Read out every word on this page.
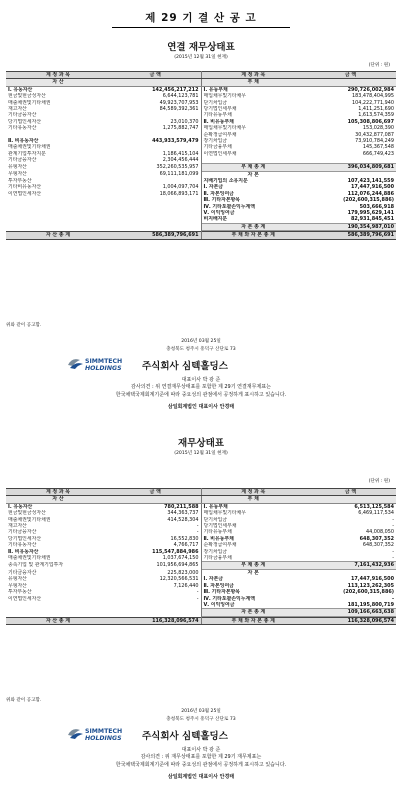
제 29 기 결 산 공 고
연결 재무상태표
(2015년 12월 31일 현재)
(단위 : 원)
계 정 과 목	금 액	계 정 과 목	금 액
자 산		부 채	
Ⅰ. 유동자산	142,456,217,212	Ⅰ. 유동부채	290,726,002,984
현금및현금성자산	6,644,123,781	매입채무및기타채무	183,478,404,995
매출채권및기타채권	49,923,707,953	단기차입금	104,222,771,940
재고자산	84,589,392,361	당기법인세부채	1,411,251,690
기타금융자산		기타유동부채	1,613,574,359
당기법인세자산	23,010,370	Ⅱ. 비유동부채	105,308,806,697
기타유동자산	1,275,882,747	매입채무및기타채무	153,028,390
		순확정급여부채	30,432,877,087
Ⅱ. 비유동자산	443,933,579,479	장기차입금	73,910,784,249
매출채권및기타채권		기타금융부채	145,367,548
관계기업투자지분	1,186,415,104	이연법인세부채	666,749,423
기타금융자산	2,304,456,444		
유형자산	352,260,535,957	부 채 총 계	396,034,809,681
무형자산	69,111,181,099	자 본	
투자부동산		지배기업의 소유지분	107,423,141,559
기타비유동자산	1,004,097,704	Ⅰ. 자본금	17,447,916,500
이연법인세자산	18,066,893,171	Ⅱ. 자본잉여금	112,076,244,886
		Ⅲ. 기타자본항목	(202,600,315,886)
		Ⅳ. 기타포괄손익누계액	503,666,918
		Ⅴ. 이익잉여금	179,995,629,141
		비지배지분	82,931,845,451
		자 본 총 계	190,354,987,010

자 산 총 계	586,389,796,691	부 채 와 자 본 총 계	586,389,796,691
재무상태표
(2015년 12월 31일 현재)
(단위 : 원)
계 정 과 목	금 액	계 정 과 목	금 액
자 산		부 채	
Ⅰ. 유동자산	780,211,588	Ⅰ. 유동부채	6,513,125,584
현금및현금성자산	344,363,737	매입채무및기타채무	6,469,117,534
매출채권및기타채권	414,528,304	단기차입금	-
재고자산	-	당기법인세부채	-
기타금융자산	-	기타유동부채	44,008,050
당기법인세자산	16,552,830	Ⅱ. 비유동부채	648,307,352
기타유동자산	4,766,717	순확정급여부채	648,307,352
Ⅱ. 비유동자산	115,547,884,986	장기차입금	-
매출채권및기타채권	1,037,674,150	기타금융부채	-
종속기업 및 관계기업투자	101,956,694,865	부 채 총 계	7,161,432,936
기타금융자산	225,823,000	자 본	
유형자산	12,320,566,531	Ⅰ. 자본금	17,447,916,500
무형자산	7,126,440	Ⅱ. 자본잉여금	113,123,262,305
투자부동산	-	Ⅲ. 기타자본항목	(202,600,315,886)
이연법인세자산	-	Ⅳ. 기타포괄손익누계액	-
		Ⅴ. 이익잉여금	181,195,800,719
		자 본 총 계	109,166,663,638

자 산 총 계	116,328,096,574	부 채 와 자 본 총 계	116,328,096,574
위와 같이 공고함.
2016년 03월 25일
충청북도 청주시 흥덕구 산단로 73
SIMMTECH
HOLDINGS 주식회사 심텍홀딩스
대표이사 박 광 준
감사의견 : 위 연결재무상태표를 포함한 제 29기 연결재무제표는
한국채택국제회계기준에 따라 중요성의 관점에서 공정하게 표시하고 있습니다.
삼일회계법인 대표이사 안경태
위와 같이 공고함.
2016년 03월 25일
충청북도 청주시 흥덕구 산단로 73
SIMMTECH
HOLDINGS 주식회사 심텍홀딩스
대표이사 박 광 준
감사의견 : 위 재무상태표를 포함한 제 29기 재무제표는
한국채택국제회계기준에 따라 중요성의 관점에서 공정하게 표시하고 있습니다.
삼일회계법인 대표이사 안경태
